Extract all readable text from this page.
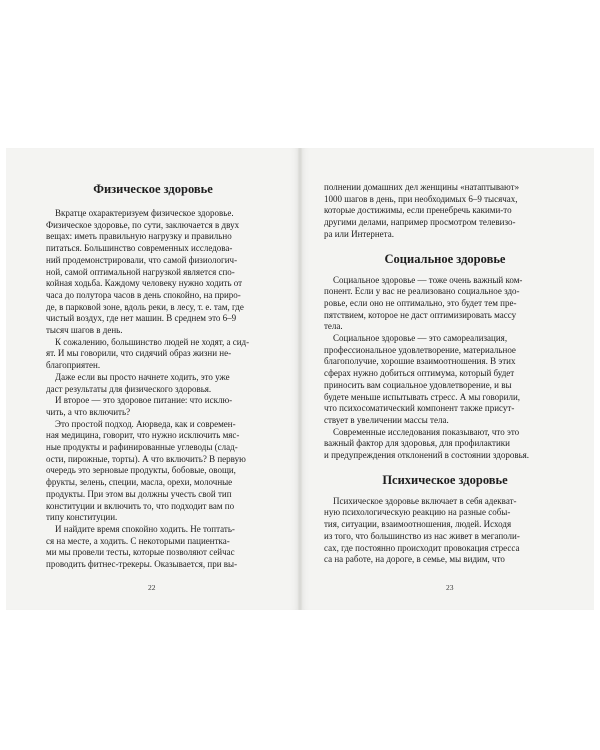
Физическое здоровье
Вкратце охарактеризуем физическое здоровье.
Физическое здоровье, по сути, заключается в двух
вещах: иметь правильную нагрузку и правильно
питаться. Большинство современных исследова-
ний продемонстрировали, что самой физиологич-
ной, самой оптимальной нагрузкой является спо-
койная ходьба. Каждому человеку нужно ходить от
часа до полутора часов в день спокойно, на приро-
де, в парковой зоне, вдоль реки, в лесу, т. е. там, где
чистый воздух, где нет машин. В среднем это 6–9
тысяч шагов в день.
К сожалению, большинство людей не ходят, а сид-
ят. И мы говорили, что сидячий образ жизни не-
благоприятен.
Даже если вы просто начнете ходить, это уже
даст результаты для физического здоровья.
И второе — это здоровое питание: что исклю-
чить, а что включить?
Это простой подход. Аюрведа, как и современ-
ная медицина, говорит, что нужно исключить мяс-
ные продукты и рафинированные углеводы (слад-
ости, пирожные, торты). А что включить? В первую
очередь это зерновые продукты, бобовые, овощи,
фрукты, зелень, специи, масла, орехи, молочные
продукты. При этом вы должны учесть свой тип
конституции и включить то, что подходит вам по
типу конституции.
И найдите время спокойно ходить. Не топтать-
ся на месте, а ходить. С некоторыми пациентка-
ми мы провели тесты, которые позволяют сейчас
проводить фитнес-трекеры. Оказывается, при вы-
22
полнении домашних дел женщины «натаптывают»
1000 шагов в день, при необходимых 6–9 тысячах,
которые достижимы, если пренебречь какими-то
другими делами, например просмотром телевизо-
ра или Интернета.
Социальное здоровье
Социальное здоровье — тоже очень важный ком-
понент. Если у вас не реализовано социальное здо-
ровье, если оно не оптимально, это будет тем пре-
пятствием, которое не даст оптимизировать массу
тела.
Социальное здоровье — это самореализация,
профессиональное удовлетворение, материальное
благополучие, хорошие взаимоотношения. В этих
сферах нужно добиться оптимума, который будет
приносить вам социальное удовлетворение, и вы
будете меньше испытывать стресс. А мы говорили,
что психосоматический компонент также присут-
ствует в увеличении массы тела.
Современные исследования показывают, что это
важный фактор для здоровья, для профилактики
и предупреждения отклонений в состоянии здоровья.
Психическое здоровье
Психическое здоровье включает в себя адекват-
ную психологическую реакцию на разные собы-
тия, ситуации, взаимоотношения, людей. Исходя
из того, что большинство из нас живет в мегаполи-
сах, где постоянно происходит провокация стресса
са на работе, на дороге, в семье, мы видим, что
23
